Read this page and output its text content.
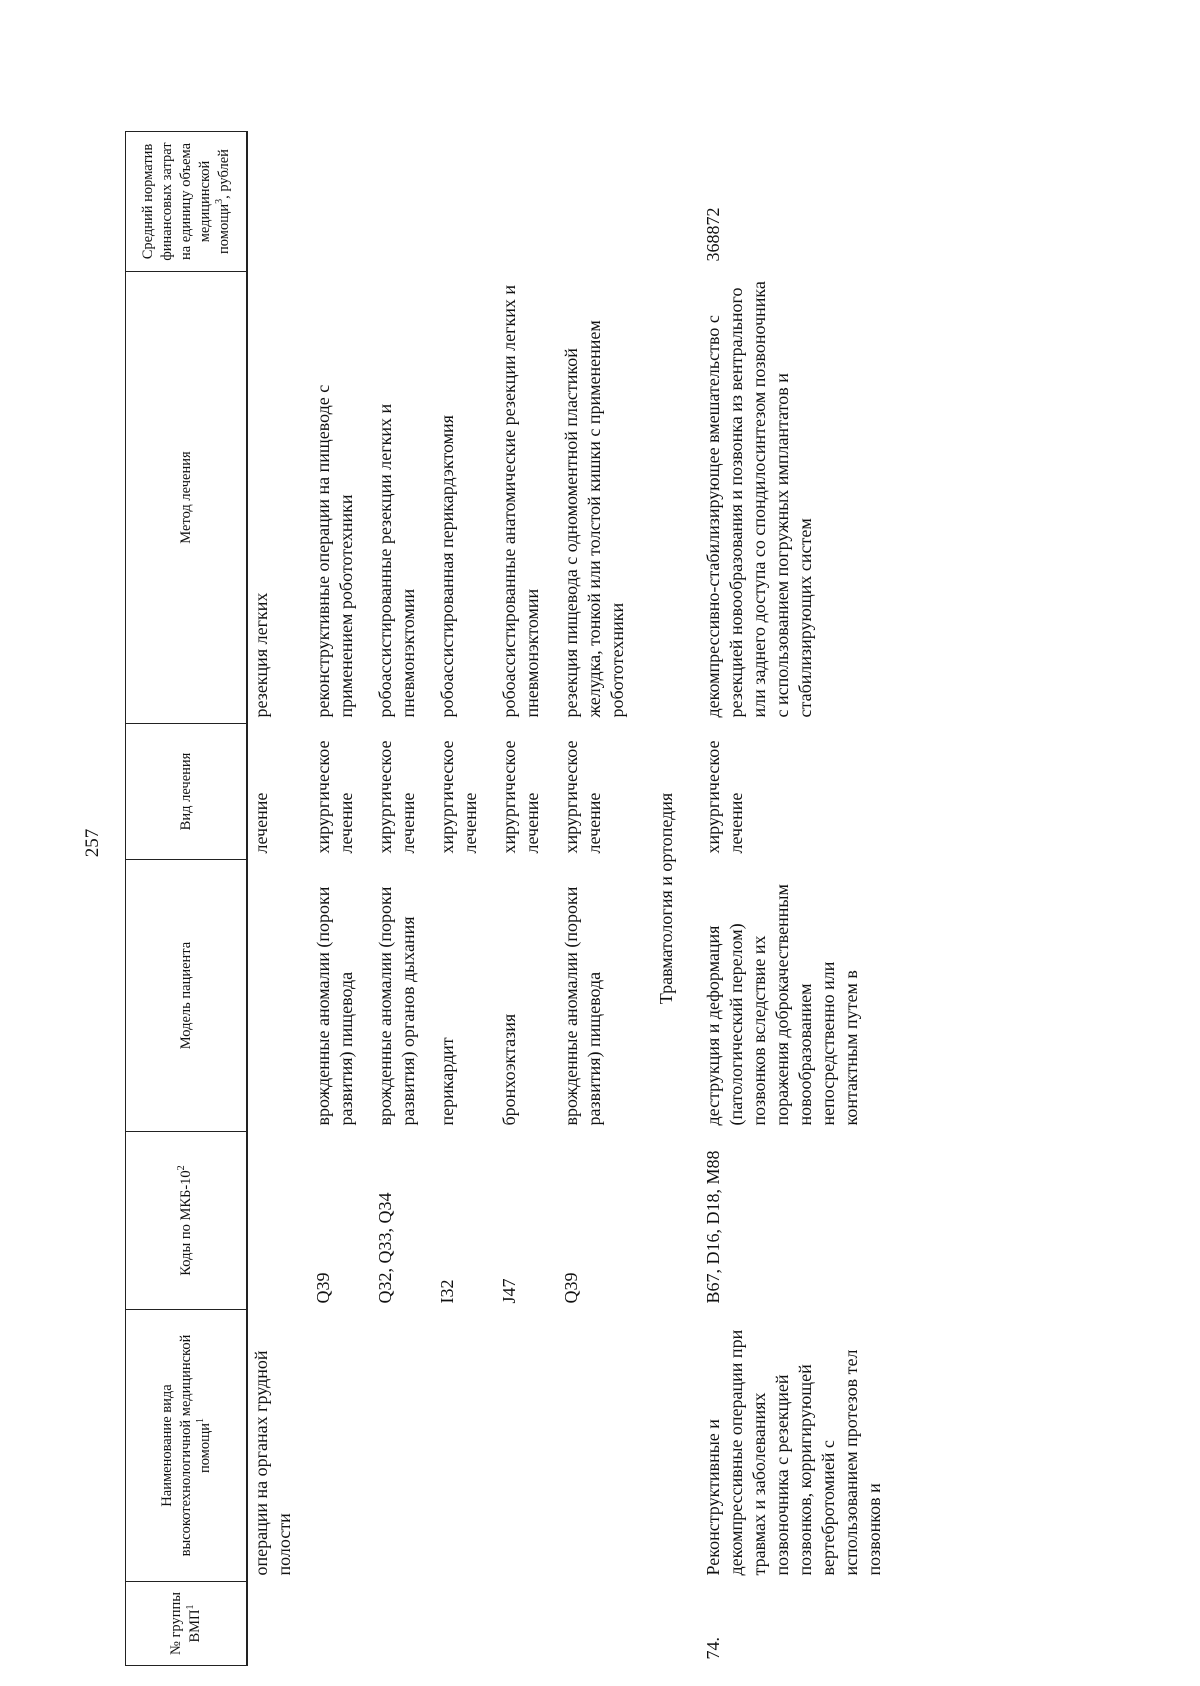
257
№ группы ВМП$^1$	Наименование вида высокотехнологичной медицинской помощи$^1$	Коды по МКБ-$10^2$	Модель пациента	Вид лечения	Метод лечения	Средний норматив финансовых затрат на единицу объема медицинской помощи$^3$, рублей	
	операции на органах грудной полости			лечение	резекция легких		
		Q39	врожденные аномалии (пороки развития) пищевода	хирургическое лечение	реконструктивные операции на пищеводе с применением робототехники		
		Q32, Q33, Q34	врожденные аномалии (пороки развития) органов дыхания	хирургическое лечение	робоассистированные резекции легких и пневмонэктомии		
		I32	перикардит	хирургическое лечение	робоассистированная перикардэктомия		
		J47	бронхоэктазия	хирургическое лечение	робоассистированные анатомические резекции легких и пневмонэктомии		
		Q39	врожденные аномалии (пороки развития) пищевода	хирургическое лечение	резекция пищевода с одномоментной пластикой желудка, тонкой или толстой кишки с применением робототехники		
Травматология и ортопедия							
74.	Реконструктивные и декомпрессивные операции при травмах и заболеваниях позвоночника с резекцией позвонков, корригирующей вертебротомией с использованием протезов тел позвонков и	B67, D16, D18, M88	деструкция и деформация (патологический перелом) позвонков вследствие их поражения доброкачественным новообразованием непосредственно или контактным путем в	хирургическое лечение	декомпрессивно-стабилизирующее вмешательство с резекцией новообразования и позвонка из вентрального или заднего доступа со спондилосинтезом позвоночника с использованием погружных имплантатов и стабилизирующих систем	368872	
